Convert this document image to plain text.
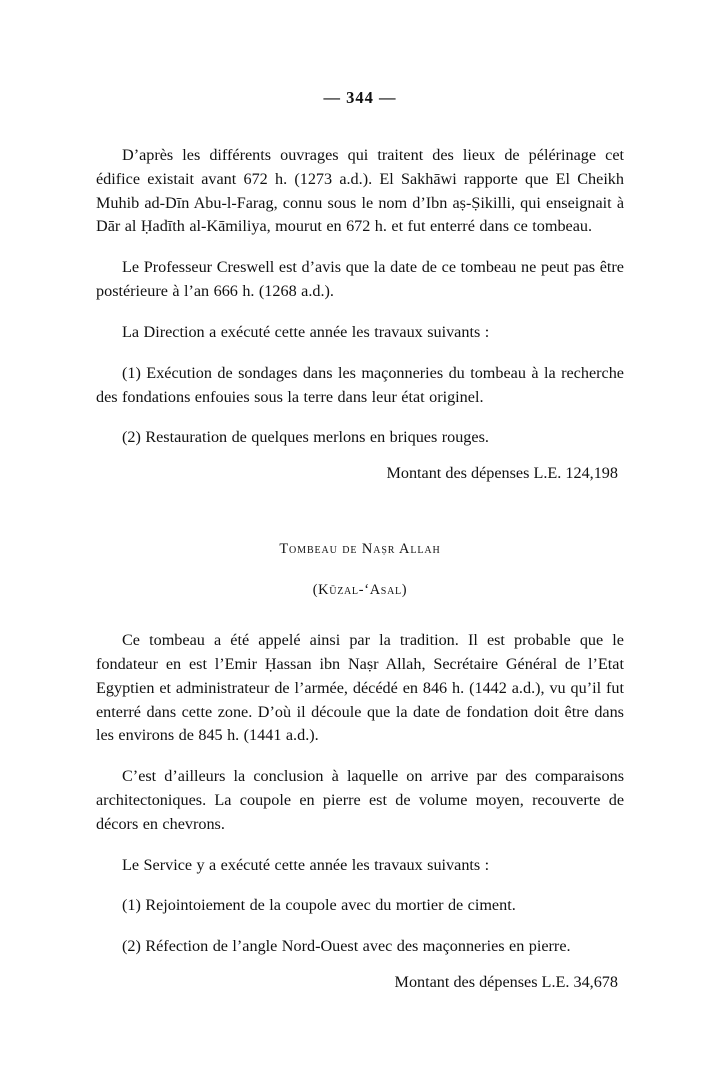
— 344 —

D’après les différents ouvrages qui traitent des lieux de pélérinage cet édifice existait avant 672 h. (1273 a.d.). El Sakhāwi rapporte que El Cheikh Muhib ad-Dīn Abu-l-Farag, connu sous le nom d’Ibn aṣ-Ṣikilli, qui enseignait à Dār al Ḥadīth al-Kāmiliya, mourut en 672 h. et fut enterré dans ce tombeau.

Le Professeur Creswell est d’avis que la date de ce tombeau ne peut pas être postérieure à l’an 666 h. (1268 a.d.).

La Direction a exécuté cette année les travaux suivants :

(1) Exécution de sondages dans les maçonneries du tombeau à la recherche des fondations enfouies sous la terre dans leur état originel.

(2) Restauration de quelques merlons en briques rouges.

Montant des dépenses L.E. 124,198

Tombeau de Naṣr Allah
(Kūzal-‘Asal)

Ce tombeau a été appelé ainsi par la tradition. Il est probable que le fondateur en est l’Emir Ḥassan ibn Naṣr Allah, Secrétaire Général de l’Etat Egyptien et administrateur de l’armée, décédé en 846 h. (1442 a.d.), vu qu’il fut enterré dans cette zone. D’où il découle que la date de fondation doit être dans les environs de 845 h. (1441 a.d.).

C’est d’ailleurs la conclusion à laquelle on arrive par des comparaisons architectoniques. La coupole en pierre est de volume moyen, recouverte de décors en chevrons.

Le Service y a exécuté cette année les travaux suivants :

(1) Rejointoiement de la coupole avec du mortier de ciment.

(2) Réfection de l’angle Nord-Ouest avec des maçonneries en pierre.

Montant des dépenses L.E. 34,678
